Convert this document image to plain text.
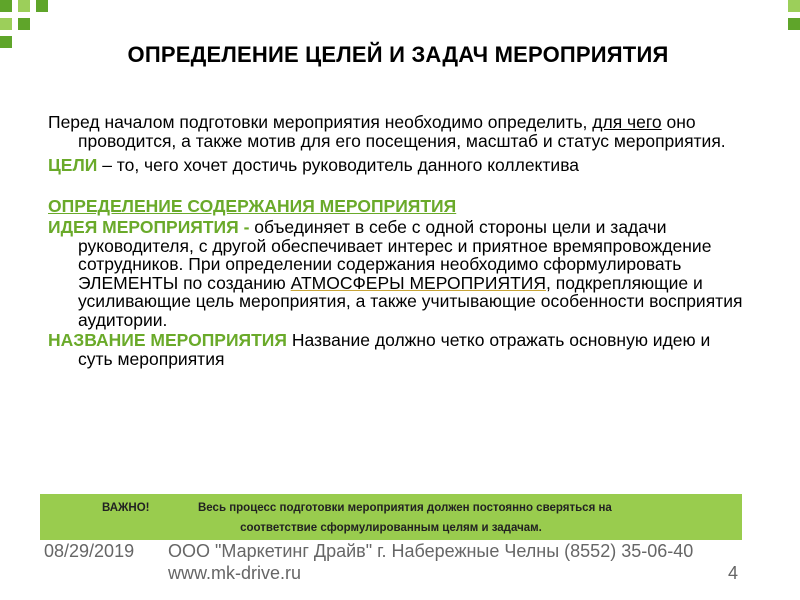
ОПРЕДЕЛЕНИЕ ЦЕЛЕЙ И ЗАДАЧ МЕРОПРИЯТИЯ

Перед началом подготовки мероприятия необходимо определить, для чего оно проводится, а также мотив для его посещения, масштаб и статус мероприятия.

ЦЕЛИ – то, чего хочет достичь руководитель данного коллектива

ОПРЕДЕЛЕНИЕ СОДЕРЖАНИЯ МЕРОПРИЯТИЯ

ИДЕЯ МЕРОПРИЯТИЯ - объединяет в себе с одной стороны цели и задачи руководителя, с другой обеспечивает интерес и приятное времяпровождение сотрудников. При определении содержания необходимо сформулировать ЭЛЕМЕНТЫ по созданию АТМОСФЕРЫ МЕРОПРИЯТИЯ, подкрепляющие и усиливающие цель мероприятия, а также учитывающие особенности восприятия аудитории.

НАЗВАНИЕ МЕРОПРИЯТИЯ Название должно четко отражать основную идею и суть мероприятия

ВАЖНО!	Весь процесс подготовки мероприятия должен постоянно сверяться на
соответствие сформулированным целям и задачам.
08/29/2019	ООО "Маркетинг Драйв" г. Набережные Челны (8552) 35-06-40 www.mk-drive.ru	4
